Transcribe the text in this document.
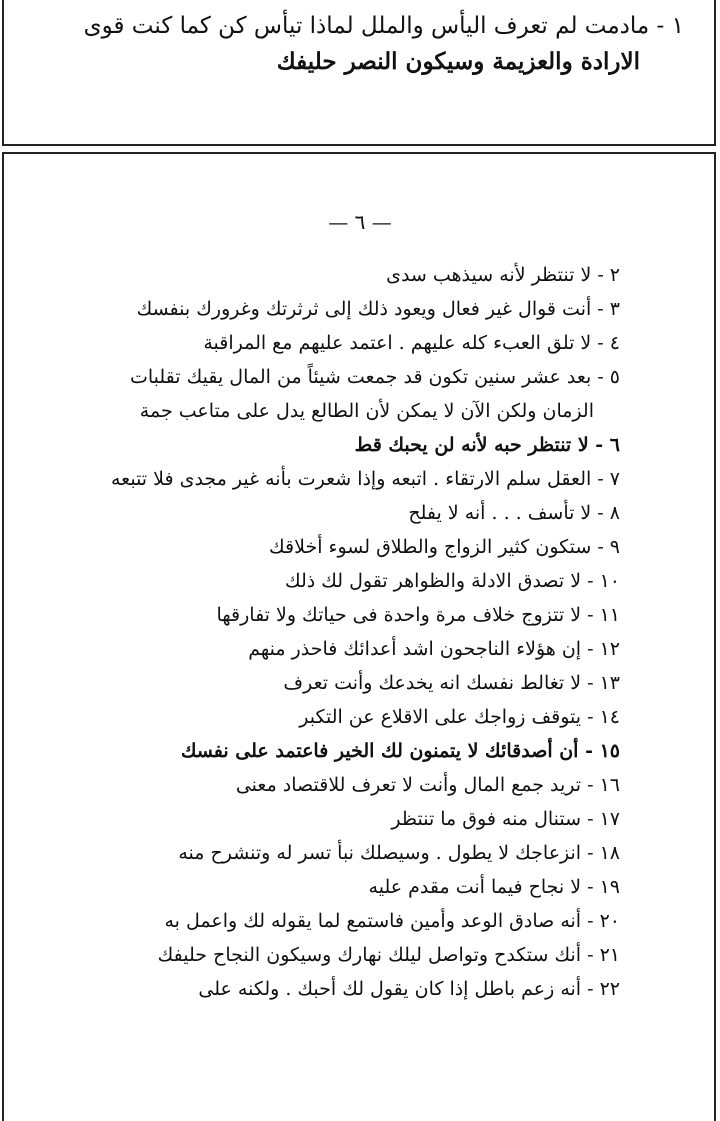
١ - مادمت لم تعرف اليأس والملل لماذا تيأس كن كما كنت قوى
الارادة والعزيمة وسيكون النصر حليفك
— ٦ —
٢ - لا تنتظر لأنه سيذهب سدى
٣ - أنت قوال غير فعال ويعود ذلك إلى ثرثرتك وغرورك بنفسك
٤ - لا تلق العبء كله عليهم . اعتمد عليهم مع المراقبة
٥ - بعد عشر سنين تكون قد جمعت شيئاً من المال يقيك تقلبات
الزمان ولكن الآن لا يمكن لأن الطالع يدل على متاعب جمة
٦ - لا تنتظر حبه لأنه لن يحبك قط
٧ - العقل سلم الارتقاء . اتبعه وإذا شعرت بأنه غير مجدى فلا تتبعه
٨ - لا تأسف . . . أنه لا يفلح
٩ - ستكون كثير الزواج والطلاق لسوء أخلاقك
١٠ - لا تصدق الادلة والظواهر تقول لك ذلك
١١ - لا تتزوج خلاف مرة واحدة فى حياتك ولا تفارقها
١٢ - إن هؤلاء الناجحون اشد أعدائك فاحذر منهم
١٣ - لا تغالط نفسك انه يخدعك وأنت تعرف
١٤ - يتوقف زواجك على الاقلاع عن التكبر
١٥ - أن أصدقائك لا يتمنون لك الخير فاعتمد على نفسك
١٦ - تريد جمع المال وأنت لا تعرف للاقتصاد معنى
١٧ - ستنال منه فوق ما تنتظر
١٨ - انزعاجك لا يطول . وسيصلك نبأ تسر له وتنشرح منه
١٩ - لا نجاح فيما أنت مقدم عليه
٢٠ - أنه صادق الوعد وأمين فاستمع لما يقوله لك واعمل به
٢١ - أنك ستكدح وتواصل ليلك نهارك وسيكون النجاح حليفك
٢٢ - أنه زعم باطل إذا كان يقول لك أحبك . ولكنه على
